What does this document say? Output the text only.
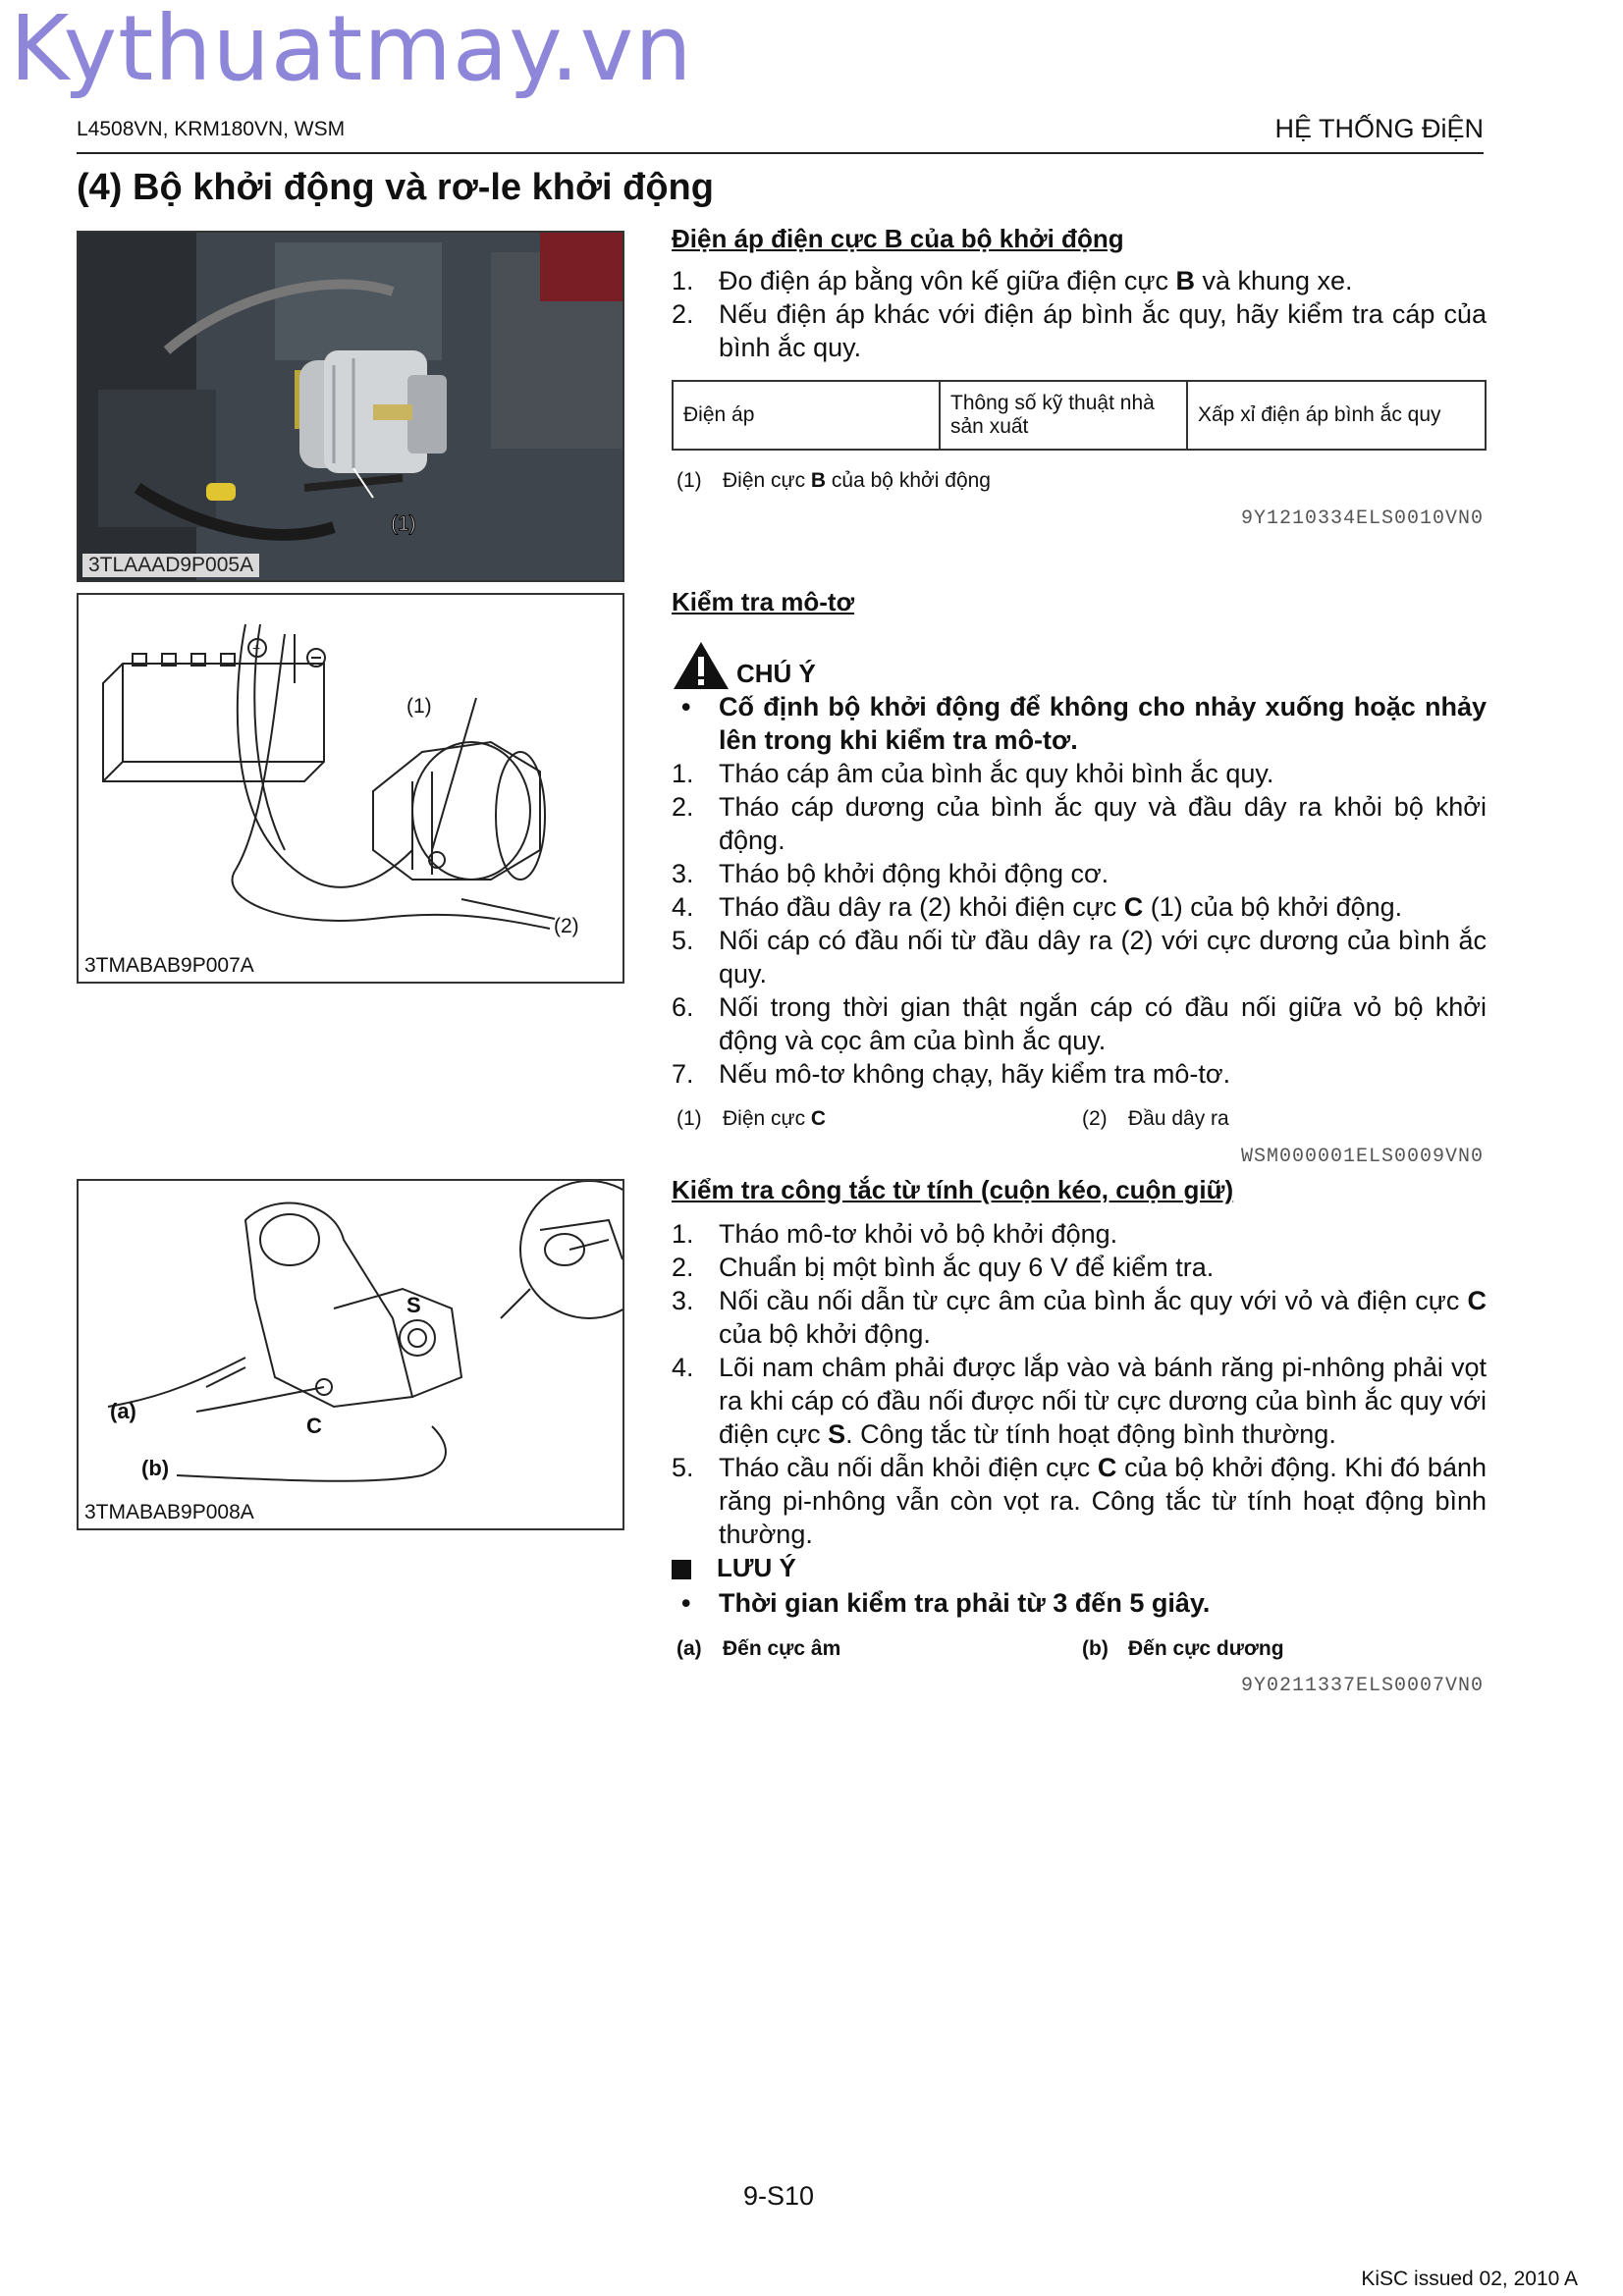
Kythuatmay.vn
L4508VN, KRM180VN, WSM	HỆ THỐNG ĐiỆN
(4) Bộ khởi động và rơ-le khởi động
(1)
3TLAAAD9P005A
+
(1)
(2)
3TMABAB9P007A
S
(a)
C
(b)
3TMABAB9P008A
Điện áp điện cực B của bộ khởi động
1. Đo điện áp bằng vôn kế giữa điện cực B và khung xe.
2. Nếu điện áp khác với điện áp bình ắc quy, hãy kiểm tra cáp của bình ắc quy.
Điện áp	Thông số kỹ thuật nhà sản xuất	Xấp xỉ điện áp bình ắc quy
(1) Điện cực B của bộ khởi động
9Y1210334ELS0010VN0
Kiểm tra mô-tơ
CHÚ Ý
•	Cố định bộ khởi động để không cho nhảy xuống hoặc nhảy lên trong khi kiểm tra mô-tơ.
1. Tháo cáp âm của bình ắc quy khỏi bình ắc quy.
2. Tháo cáp dương của bình ắc quy và đầu dây ra khỏi bộ khởi động.
3. Tháo bộ khởi động khỏi động cơ.
4. Tháo đầu dây ra (2) khỏi điện cực C (1) của bộ khởi động.
5. Nối cáp có đầu nối từ đầu dây ra (2) với cực dương của bình ắc quy.
6. Nối trong thời gian thật ngắn cáp có đầu nối giữa vỏ bộ khởi động và cọc âm của bình ắc quy.
7. Nếu mô-tơ không chạy, hãy kiểm tra mô-tơ.
(1) Điện cực C	(2) Đầu dây ra
WSM000001ELS0009VN0
Kiểm tra công tắc từ tính (cuộn kéo, cuộn giữ)
1. Tháo mô-tơ khỏi vỏ bộ khởi động.
2. Chuẩn bị một bình ắc quy 6 V để kiểm tra.
3. Nối cầu nối dẫn từ cực âm của bình ắc quy với vỏ và điện cực C của bộ khởi động.
4. Lõi nam châm phải được lắp vào và bánh răng pi-nhông phải vọt ra khi cáp có đầu nối được nối từ cực dương của bình ắc quy với điện cực S. Công tắc từ tính hoạt động bình thường.
5. Tháo cầu nối dẫn khỏi điện cực C của bộ khởi động. Khi đó bánh răng pi-nhông vẫn còn vọt ra. Công tắc từ tính hoạt động bình thường.
LƯU Ý
•	Thời gian kiểm tra phải từ 3 đến 5 giây.
(a) Đến cực âm	(b) Đến cực dương
9Y0211337ELS0007VN0
9-S10
KiSC issued 02, 2010 A
